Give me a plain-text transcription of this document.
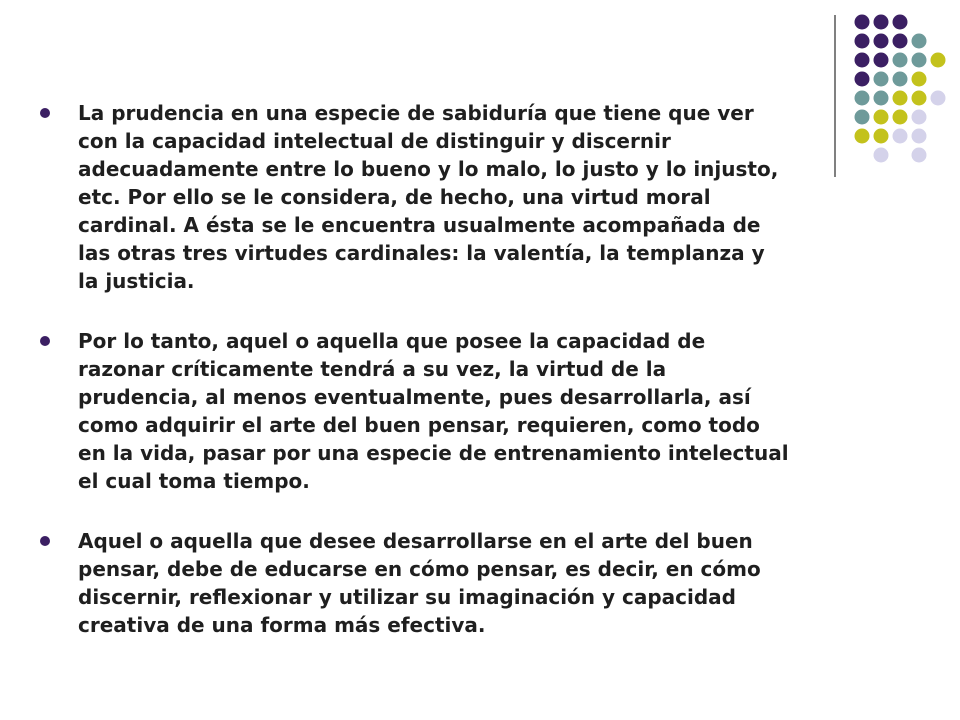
La prudencia en una especie de sabiduría que tiene que ver
con la capacidad intelectual de distinguir y discernir
adecuadamente entre lo bueno y lo malo, lo justo y lo injusto,
etc. Por ello se le considera, de hecho, una virtud moral
cardinal. A ésta se le encuentra usualmente acompañada de
las otras tres virtudes cardinales: la valentía, la templanza y
la justicia.
Por lo tanto, aquel o aquella que posee la capacidad de
razonar críticamente tendrá a su vez, la virtud de la
prudencia, al menos eventualmente, pues desarrollarla, así
como adquirir el arte del buen pensar, requieren, como todo
en la vida, pasar por una especie de entrenamiento intelectual
el cual toma tiempo.
Aquel o aquella que desee desarrollarse en el arte del buen
pensar, debe de educarse en cómo pensar, es decir, en cómo
discernir, reflexionar y utilizar su imaginación y capacidad
creativa de una forma más efectiva.
